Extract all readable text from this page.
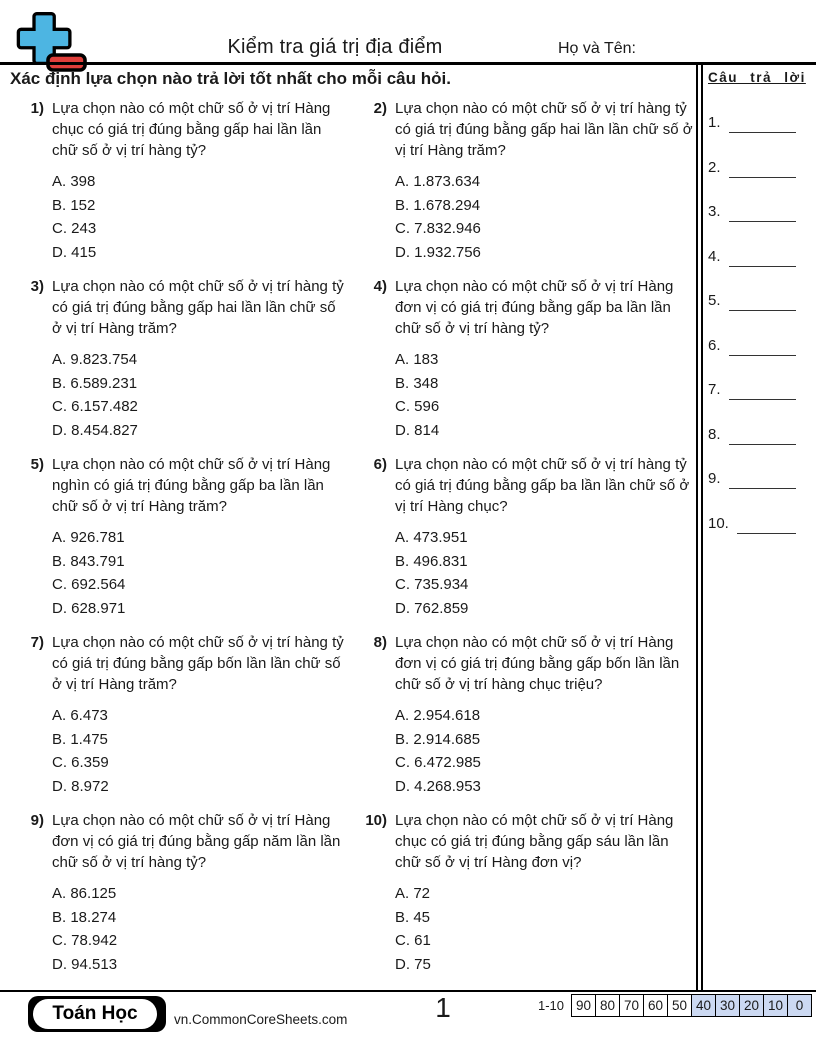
Kiểm tra giá trị địa điểm	Họ và Tên:
Xác định lựa chọn nào trả lời tốt nhất cho mỗi câu hỏi.
1) Lựa chọn nào có một chữ số ở vị trí Hàng chục có giá trị đúng bằng gấp hai lần lần chữ số ở vị trí hàng tỷ?
A. 398
B. 152
C. 243
D. 415
2) Lựa chọn nào có một chữ số ở vị trí hàng tỷ có giá trị đúng bằng gấp hai lần lần chữ số ở vị trí Hàng trăm?
A. 1.873.634
B. 1.678.294
C. 7.832.946
D. 1.932.756
3) Lựa chọn nào có một chữ số ở vị trí hàng tỷ có giá trị đúng bằng gấp hai lần lần chữ số ở vị trí Hàng trăm?
A. 9.823.754
B. 6.589.231
C. 6.157.482
D. 8.454.827
4) Lựa chọn nào có một chữ số ở vị trí Hàng đơn vị có giá trị đúng bằng gấp ba lần lần chữ số ở vị trí hàng tỷ?
A. 183
B. 348
C. 596
D. 814
5) Lựa chọn nào có một chữ số ở vị trí Hàng nghìn có giá trị đúng bằng gấp ba lần lần chữ số ở vị trí Hàng trăm?
A. 926.781
B. 843.791
C. 692.564
D. 628.971
6) Lựa chọn nào có một chữ số ở vị trí hàng tỷ có giá trị đúng bằng gấp ba lần lần chữ số ở vị trí Hàng chục?
A. 473.951
B. 496.831
C. 735.934
D. 762.859
7) Lựa chọn nào có một chữ số ở vị trí hàng tỷ có giá trị đúng bằng gấp bốn lần lần chữ số ở vị trí Hàng trăm?
A. 6.473
B. 1.475
C. 6.359
D. 8.972
8) Lựa chọn nào có một chữ số ở vị trí Hàng đơn vị có giá trị đúng bằng gấp bốn lần lần chữ số ở vị trí hàng chục triệu?
A. 2.954.618
B. 2.914.685
C. 6.472.985
D. 4.268.953
9) Lựa chọn nào có một chữ số ở vị trí Hàng đơn vị có giá trị đúng bằng gấp năm lần lần chữ số ở vị trí hàng tỷ?
A. 86.125
B. 18.274
C. 78.942
D. 94.513
10) Lựa chọn nào có một chữ số ở vị trí Hàng chục có giá trị đúng bằng gấp sáu lần lần chữ số ở vị trí Hàng đơn vị?
A. 72
B. 45
C. 61
D. 75
Câu trả lời
1.
2.
3.
4.
5.
6.
7.
8.
9.
10.
Toán Học	vn.CommonCoreSheets.com	1	1-10 90 80 70 60 50 40 30 20 10 0
